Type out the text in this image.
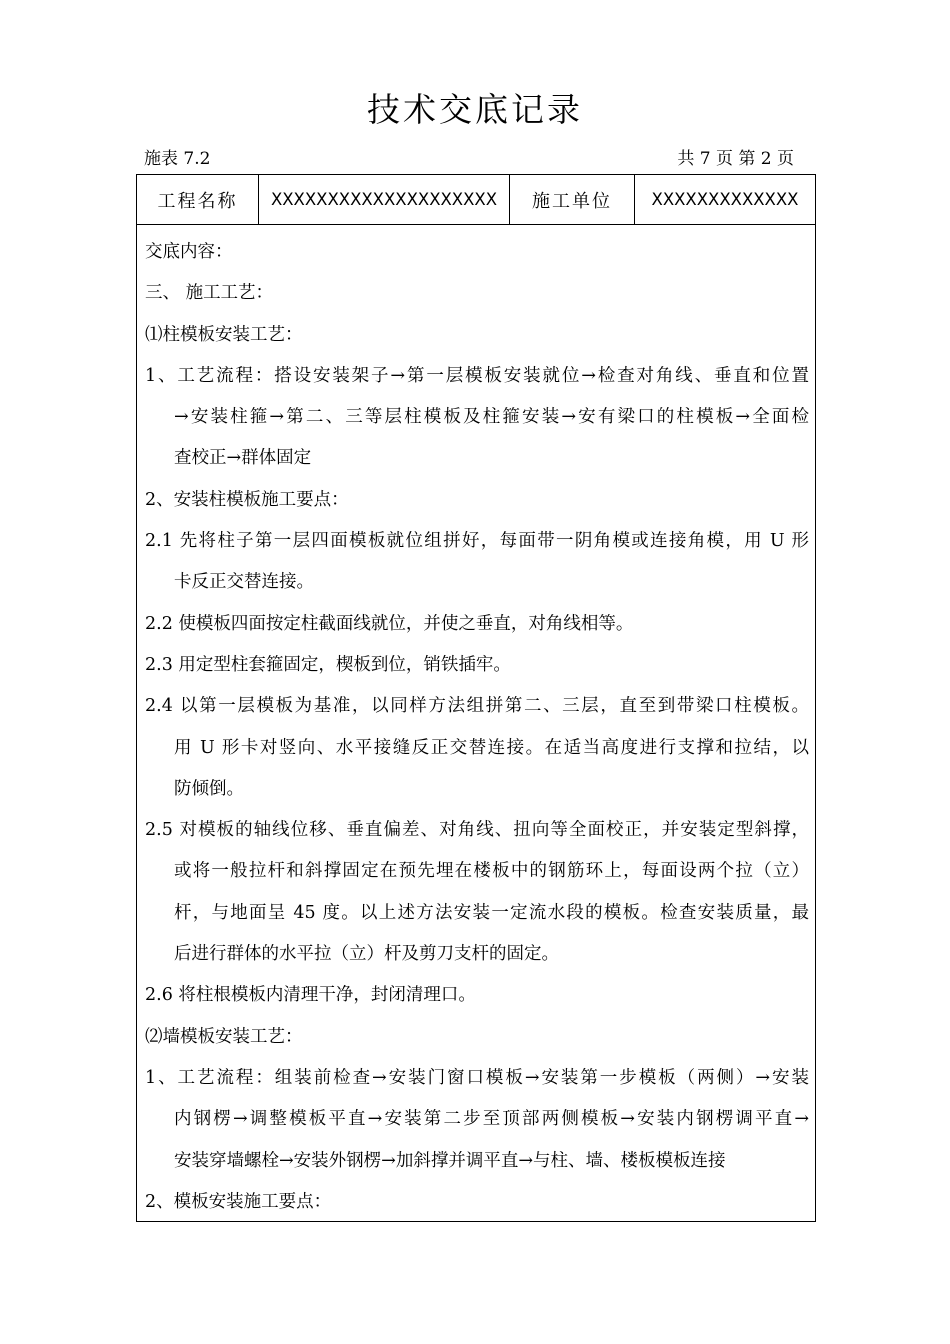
技术交底记录
施表 7.2	共 7 页 第 2 页
工程名称	XXXXXXXXXXXXXXXXXXXX	施工单位	XXXXXXXXXXXXX
交底内容：
三、 施工工艺：
⑴柱模板安装工艺：
1、工艺流程：搭设安装架子→第一层模板安装就位→检查对角线、垂直和位置
→安装柱箍→第二、三等层柱模板及柱箍安装→安有梁口的柱模板→全面检
查校正→群体固定
2、安装柱模板施工要点：
2.1 先将柱子第一层四面模板就位组拼好，每面带一阴角模或连接角模，用 U 形
卡反正交替连接。
2.2 使模板四面按定柱截面线就位，并使之垂直，对角线相等。
2.3 用定型柱套箍固定，楔板到位，销铁插牢。
2.4 以第一层模板为基准，以同样方法组拼第二、三层，直至到带梁口柱模板。
用 U 形卡对竖向、水平接缝反正交替连接。在适当高度进行支撑和拉结，以
防倾倒。
2.5 对模板的轴线位移、垂直偏差、对角线、扭向等全面校正，并安装定型斜撑，
或将一般拉杆和斜撑固定在预先埋在楼板中的钢筋环上，每面设两个拉（立）
杆，与地面呈 45 度。以上述方法安装一定流水段的模板。检查安装质量，最
后进行群体的水平拉（立）杆及剪刀支杆的固定。
2.6 将柱根模板内清理干净，封闭清理口。
⑵墙模板安装工艺：
1、工艺流程：组装前检查→安装门窗口模板→安装第一步模板（两侧）→安装
内钢楞→调整模板平直→安装第二步至顶部两侧模板→安装内钢楞调平直→
安装穿墙螺栓→安装外钢楞→加斜撑并调平直→与柱、墙、楼板模板连接
2、模板安装施工要点：
